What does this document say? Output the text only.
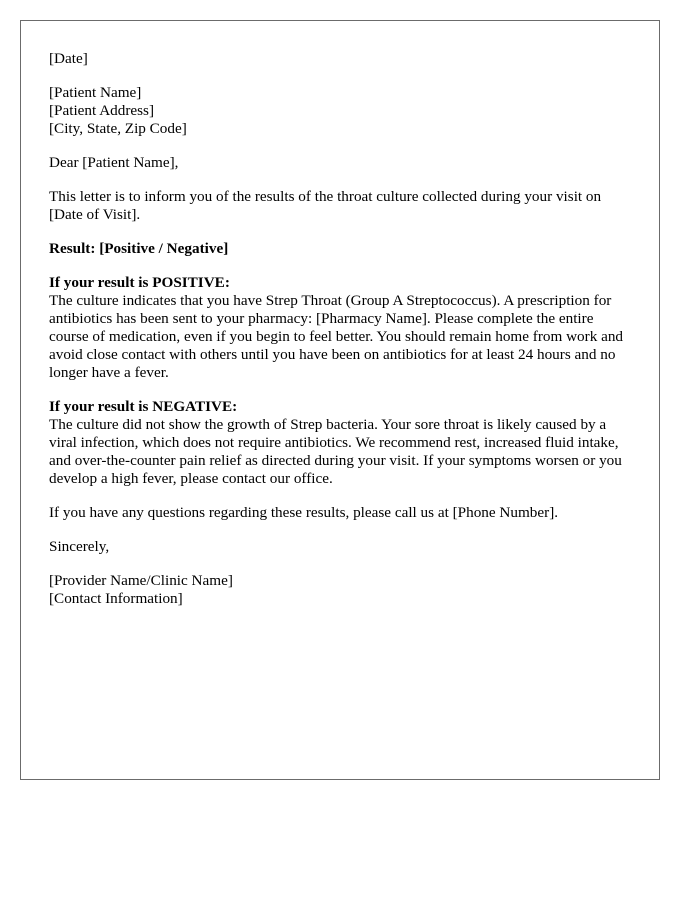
[Date]

[Patient Name]
[Patient Address]
[City, State, Zip Code]

Dear [Patient Name],

This letter is to inform you of the results of the throat culture collected during your visit on [Date of Visit].

Result: [Positive / Negative]

If your result is POSITIVE:
The culture indicates that you have Strep Throat (Group A Streptococcus). A prescription for antibiotics has been sent to your pharmacy: [Pharmacy Name]. Please complete the entire course of medication, even if you begin to feel better. You should remain home from work and avoid close contact with others until you have been on antibiotics for at least 24 hours and no longer have a fever.

If your result is NEGATIVE:
The culture did not show the growth of Strep bacteria. Your sore throat is likely caused by a viral infection, which does not require antibiotics. We recommend rest, increased fluid intake, and over-the-counter pain relief as directed during your visit. If your symptoms worsen or you develop a high fever, please contact our office.

If you have any questions regarding these results, please call us at [Phone Number].

Sincerely,

[Provider Name/Clinic Name]
[Contact Information]
